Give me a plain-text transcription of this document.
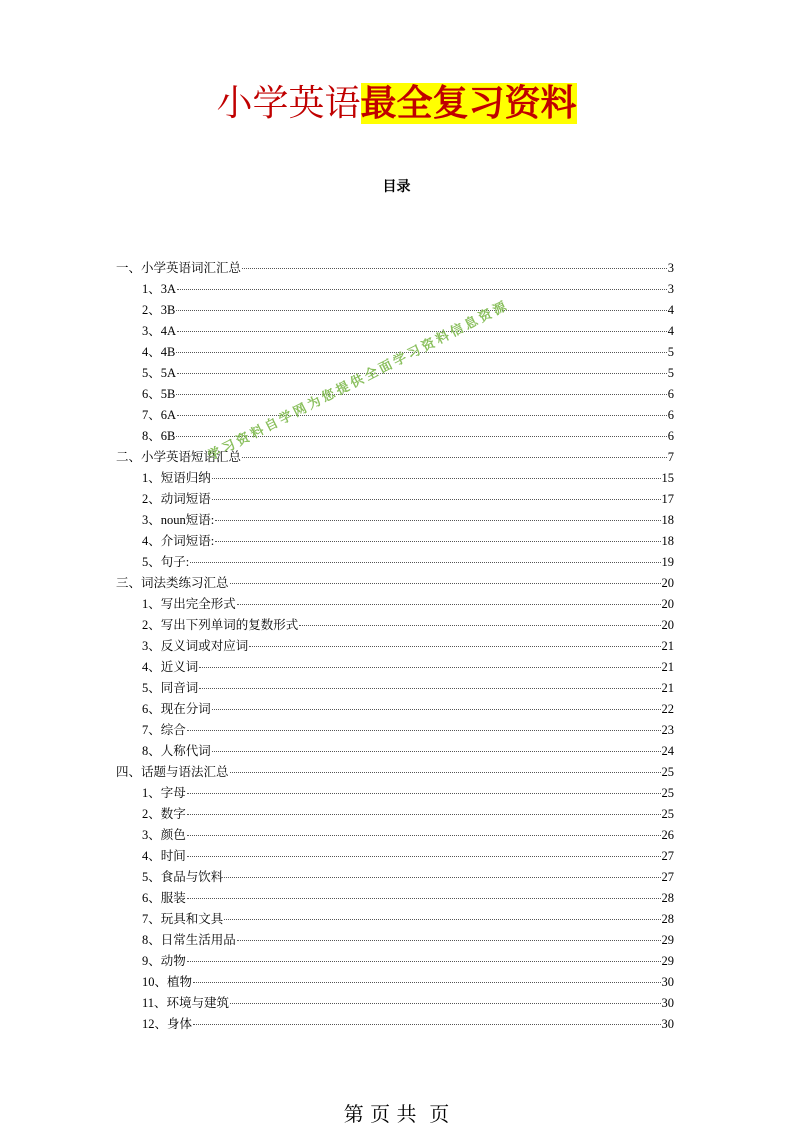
小学英语最全复习资料
目录
一、小学英语词汇汇总	3
1、3A	3
2、3B	4
3、4A	4
4、4B	5
5、5A	5
6、5B	6
7、6A	6
8、6B	6
二、小学英语短语汇总	7
1、短语归纳	15
2、动词短语	17
3、noun短语:	18
4、介词短语:	18
5、句子:	19
三、词法类练习汇总	20
1、写出完全形式	20
2、写出下列单词的复数形式	20
3、反义词或对应词	21
4、近义词	21
5、同音词	21
6、现在分词	22
7、综合	23
8、人称代词	24
四、话题与语法汇总	25
1、字母	25
2、数字	25
3、颜色	26
4、时间	27
5、食品与饮料	27
6、服装	28
7、玩具和文具	28
8、日常生活用品	29
9、动物	29
10、植物	30
11、环境与建筑	30
12、身体	30
学习资料自学网为您提供全面学习资料信息资源
第 页 共  页
